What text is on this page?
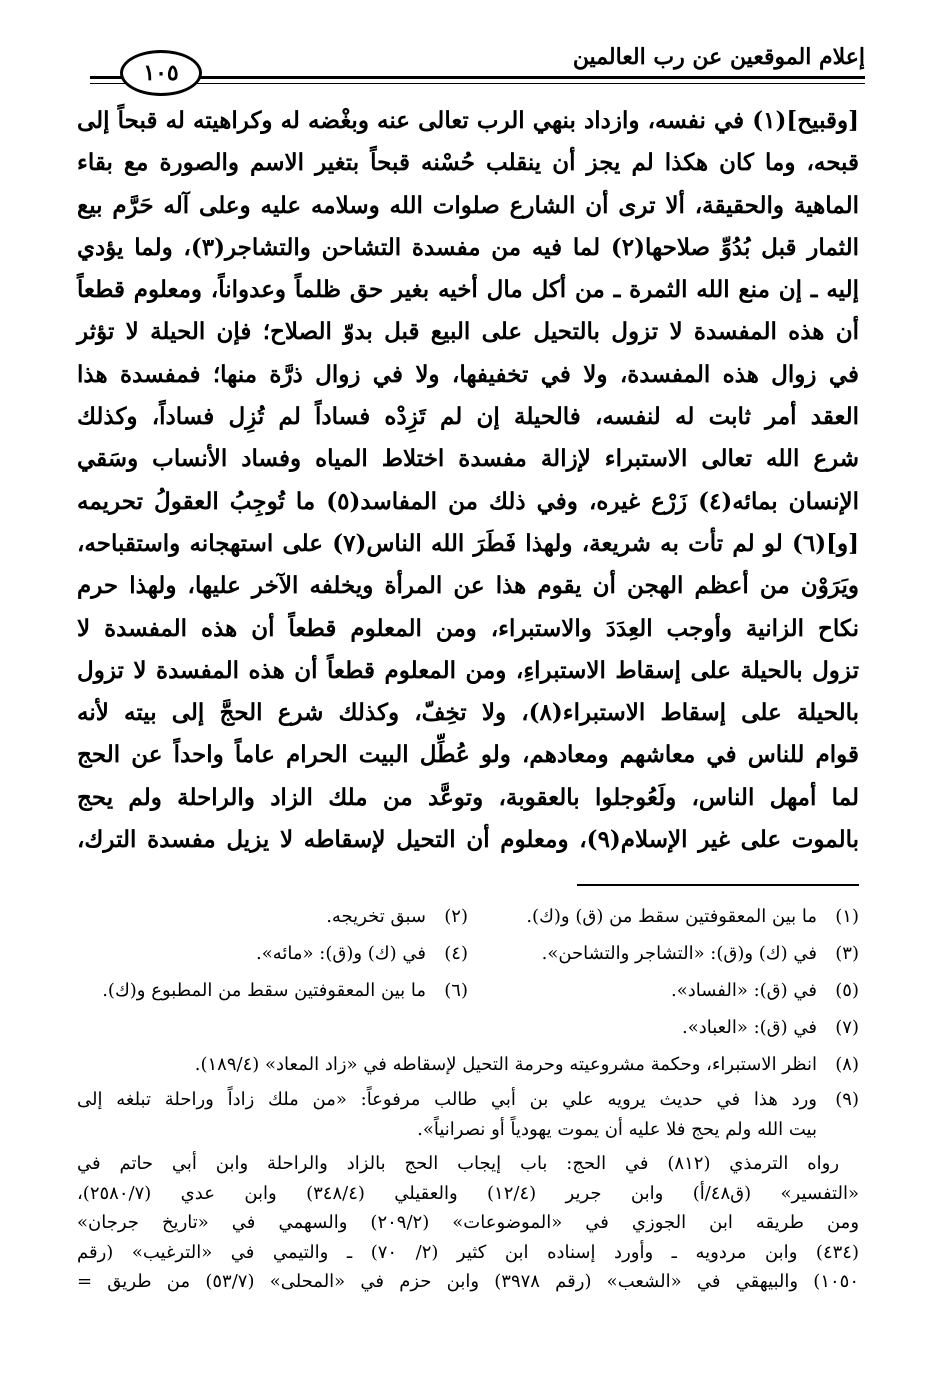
إعلام الموقعين عن رب العالمين
١٠٥

[وقبيح](١) في نفسه، وازداد بنهي الرب تعالى عنه وبغْضه له وكراهيته له قبحاً إلى

قبحه، وما كان هكذا لم يجز أن ينقلب حُسْنه قبحاً بتغير الاسم والصورة مع بقاء

الماهية والحقيقة، ألا ترى أن الشارع صلوات الله وسلامه عليه وعلى آله حَرَّم بيع

الثمار قبل بُدُوِّ صلاحها(٢) لما فيه من مفسدة التشاحن والتشاجر(٣)، ولما يؤدي

إليه ـ إن منع الله الثمرة ـ من أكل مال أخيه بغير حق ظلماً وعدواناً، ومعلوم قطعاً

أن هذه المفسدة لا تزول بالتحيل على البيع قبل بدوّ الصلاح؛ فإن الحيلة لا تؤثر

في زوال هذه المفسدة، ولا في تخفيفها، ولا في زوال ذرَّة منها؛ فمفسدة هذا

العقد أمر ثابت له لنفسه، فالحيلة إن لم تَزِدْه فساداً لم تُزِل فساداً، وكذلك

شرع الله تعالى الاستبراء لإزالة مفسدة اختلاط المياه وفساد الأنساب وسَقي

الإنسان بمائه(٤) زَرْع غيره، وفي ذلك من المفاسد(٥) ما تُوجِبُ العقولُ تحريمه

[و](٦) لو لم تأت به شريعة، ولهذا فَطَرَ الله الناس(٧) على استهجانه واستقباحه،

ويَرَوْن من أعظم الهجن أن يقوم هذا عن المرأة ويخلفه الآخر عليها، ولهذا حرم

نكاح الزانية وأوجب العِدَدَ والاستبراء، ومن المعلوم قطعاً أن هذه المفسدة لا

تزول بالحيلة على إسقاط الاستبراءِ، ومن المعلوم قطعاً أن هذه المفسدة لا تزول

بالحيلة على إسقاط الاستبراء(٨)، ولا تخِفّ، وكذلك شرع الحجَّ إلى بيته لأنه

قوام للناس في معاشهم ومعادهم، ولو عُطِّل البيت الحرام عاماً واحداً عن الحج

لما أمهل الناس، ولَعُوجلوا بالعقوبة، وتوعَّد من ملك الزاد والراحلة ولم يحج

بالموت على غير الإسلام(٩)، ومعلوم أن التحيل لإسقاطه لا يزيل مفسدة الترك،

(١)
ما بين المعقوفتين سقط من (ق) و(ك).
(٢)
سبق تخريجه.
(٣)
في (ك) و(ق): «التشاجر والتشاحن».
(٤)
في (ك) و(ق): «مائه».
(٥)
في (ق): «الفساد».
(٦)
ما بين المعقوفتين سقط من المطبوع و(ك).
(٧)
في (ق): «العباد».
(٨)
انظر الاستبراء، وحكمة مشروعيته وحرمة التحيل لإسقاطه في «زاد المعاد» (١٨٩/٤).
(٩)
ورد هذا في حديث يرويه علي بن أبي طالب مرفوعاً: «من ملك زاداً وراحلة تبلغه إلى
بيت الله ولم يحج فلا عليه أن يموت يهودياً أو نصرانياً».
رواه الترمذي (٨١٢) في الحج: باب إيجاب الحج بالزاد والراحلة وابن أبي حاتم في
«التفسير» (ق٤٨/أ) وابن جرير (١٢/٤) والعقيلي (٣٤٨/٤) وابن عدي (٢٥٨٠/٧)،
ومن طريقه ابن الجوزي في «الموضوعات» (٢٠٩/٢) والسهمي في «تاريخ جرجان»
(٤٣٤) وابن مردويه ـ وأورد إسناده ابن كثير (٢/ ٧٠) ـ والتيمي في «الترغيب» (رقم
١٠٥٠) والبيهقي في «الشعب» (رقم ٣٩٧٨) وابن حزم في «المحلى» (٥٣/٧) من طريق =
